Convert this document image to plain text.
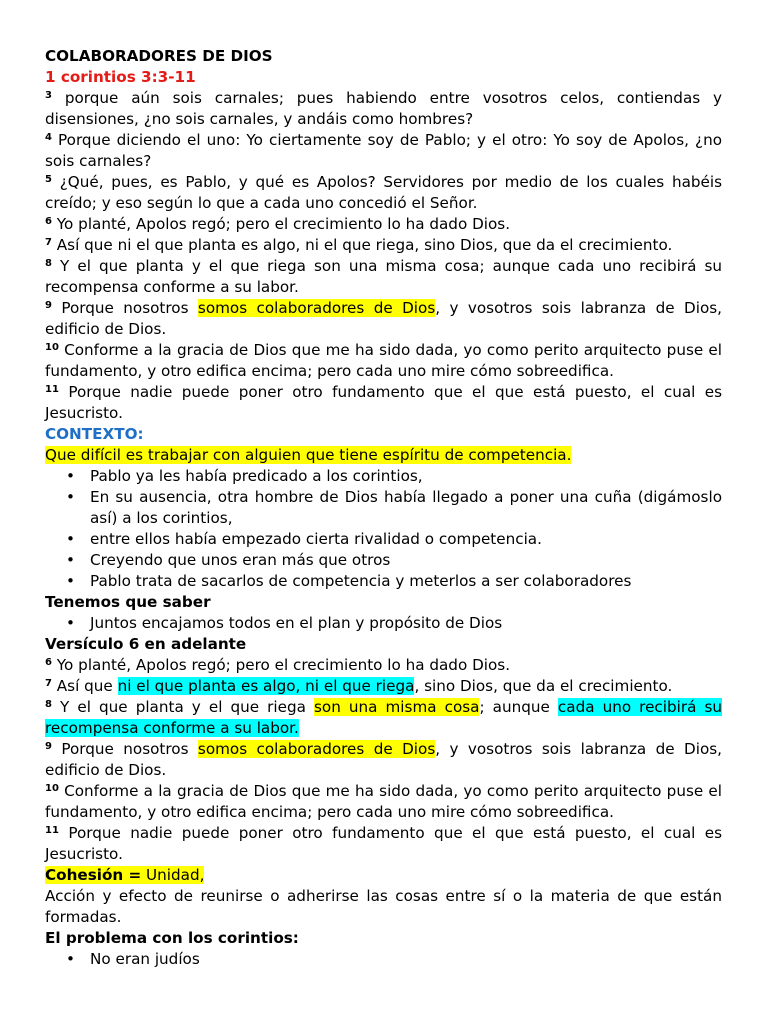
COLABORADORES DE DIOS

1 corintios 3:3-11

$^3$ porque aún sois carnales; pues habiendo entre vosotros celos, contiendas y disensiones, ¿no sois carnales, y andáis como hombres?

$^4$ Porque diciendo el uno: Yo ciertamente soy de Pablo; y el otro: Yo soy de Apolos, ¿no sois carnales?

$^5$ ¿Qué, pues, es Pablo, y qué es Apolos? Servidores por medio de los cuales habéis creído; y eso según lo que a cada uno concedió el Señor.

$^6$ Yo planté, Apolos regó; pero el crecimiento lo ha dado Dios.

$^7$ Así que ni el que planta es algo, ni el que riega, sino Dios, que da el crecimiento.

$^8$ Y el que planta y el que riega son una misma cosa; aunque cada uno recibirá su recompensa conforme a su labor.

$^9$ Porque nosotros somos colaboradores de Dios, y vosotros sois labranza de Dios, edificio de Dios.

$^{10}$ Conforme a la gracia de Dios que me ha sido dada, yo como perito arquitecto puse el fundamento, y otro edifica encima; pero cada uno mire cómo sobreedifica.

$^{11}$ Porque nadie puede poner otro fundamento que el que está puesto, el cual es Jesucristo.

CONTEXTO:

Que difícil es trabajar con alguien que tiene espíritu de competencia.

• Pablo ya les había predicado a los corintios,
• En su ausencia, otra hombre de Dios había llegado a poner una cuña (digámoslo así) a los corintios,
• entre ellos había empezado cierta rivalidad o competencia.
• Creyendo que unos eran más que otros
• Pablo trata de sacarlos de competencia y meterlos a ser colaboradores

Tenemos que saber

• Juntos encajamos todos en el plan y propósito de Dios

Versículo 6 en adelante

$^6$ Yo planté, Apolos regó; pero el crecimiento lo ha dado Dios.

$^7$ Así que ni el que planta es algo, ni el que riega, sino Dios, que da el crecimiento.

$^8$ Y el que planta y el que riega son una misma cosa; aunque cada uno recibirá su recompensa conforme a su labor.

$^9$ Porque nosotros somos colaboradores de Dios, y vosotros sois labranza de Dios, edificio de Dios.

$^{10}$ Conforme a la gracia de Dios que me ha sido dada, yo como perito arquitecto puse el fundamento, y otro edifica encima; pero cada uno mire cómo sobreedifica.

$^{11}$ Porque nadie puede poner otro fundamento que el que está puesto, el cual es Jesucristo.

Cohesión = Unidad,

Acción y efecto de reunirse o adherirse las cosas entre sí o la materia de que están formadas.

El problema con los corintios:

• No eran judíos
